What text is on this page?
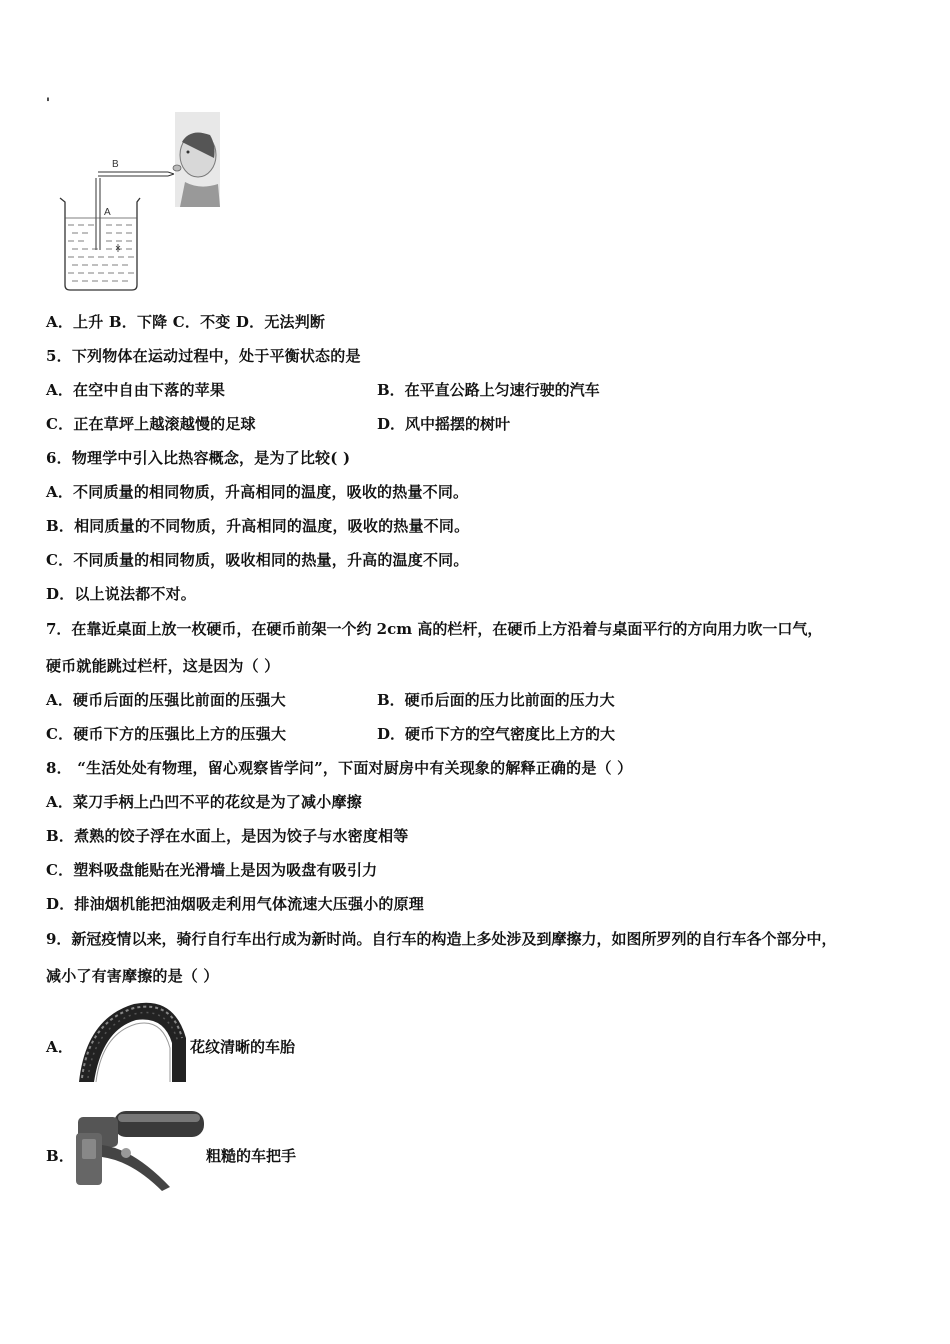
'
B
A
A．上升 B．下降 C．不变 D．无法判断
5．下列物体在运动过程中，处于平衡状态的是
A．在空中自由下落的苹果	B．在平直公路上匀速行驶的汽车
C．正在草坪上越滚越慢的足球	D．风中摇摆的树叶
6．物理学中引入比热容概念，是为了比较( )
A．不同质量的相同物质，升高相同的温度，吸收的热量不同。
B．相同质量的不同物质，升高相同的温度，吸收的热量不同。
C．不同质量的相同物质，吸收相同的热量，升高的温度不同。
D．以上说法都不对。
7．在靠近桌面上放一枚硬币，在硬币前架一个约 2cm 高的栏杆，在硬币上方沿着与桌面平行的方向用力吹一口气，
硬币就能跳过栏杆，这是因为（ ）
A．硬币后面的压强比前面的压强大	B．硬币后面的压力比前面的压力大
C．硬币下方的压强比上方的压强大	D．硬币下方的空气密度比上方的大
8． “生活处处有物理，留心观察皆学问”，下面对厨房中有关现象的解释正确的是（ ）
A．菜刀手柄上凸凹不平的花纹是为了减小摩擦
B．煮熟的饺子浮在水面上，是因为饺子与水密度相等
C．塑料吸盘能贴在光滑墙上是因为吸盘有吸引力
D．排油烟机能把油烟吸走利用气体流速大压强小的原理
9．新冠疫情以来，骑行自行车出行成为新时尚。自行车的构造上多处涉及到摩擦力，如图所罗列的自行车各个部分中，
减小了有害摩擦的是（ ）
A．	花纹清晰的车胎
B．	粗糙的车把手
